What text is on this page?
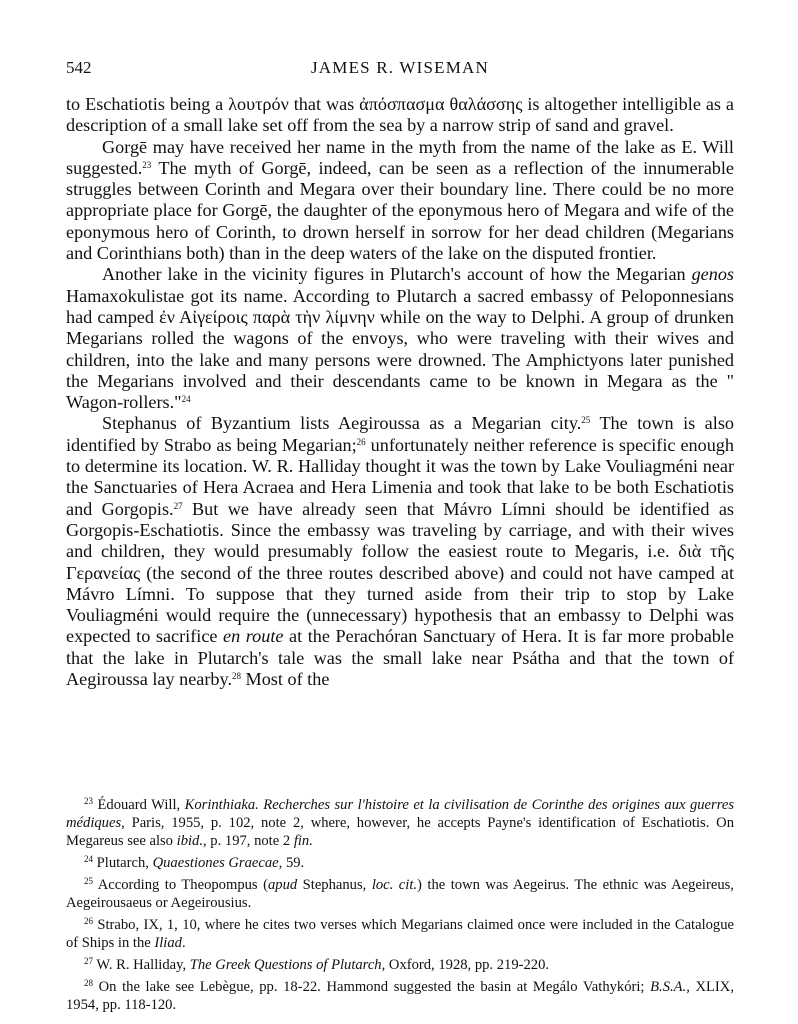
542	JAMES R. WISEMAN

to Eschatiotis being a λουτρόν that was ἀπόσπασμα θαλάσσης is altogether intelligible as a description of a small lake set off from the sea by a narrow strip of sand and gravel.

Gorgē may have received her name in the myth from the name of the lake as E. Will suggested.$^{23}$ The myth of Gorgē, indeed, can be seen as a reflection of the innumerable struggles between Corinth and Megara over their boundary line. There could be no more appropriate place for Gorgē, the daughter of the eponymous hero of Megara and wife of the eponymous hero of Corinth, to drown herself in sorrow for her dead children (Megarians and Corinthians both) than in the deep waters of the lake on the disputed frontier.

Another lake in the vicinity figures in Plutarch's account of how the Megarian genos Hamaxokulistae got its name. According to Plutarch a sacred embassy of Peloponnesians had camped ἐν Αἰγείροις παρὰ τὴν λίμνην while on the way to Delphi. A group of drunken Megarians rolled the wagons of the envoys, who were traveling with their wives and children, into the lake and many persons were drowned. The Amphictyons later punished the Megarians involved and their descendants came to be known in Megara as the " Wagon-rollers."$^{24}$

Stephanus of Byzantium lists Aegiroussa as a Megarian city.$^{25}$ The town is also identified by Strabo as being Megarian;$^{26}$ unfortunately neither reference is specific enough to determine its location. W. R. Halliday thought it was the town by Lake Vouliagméni near the Sanctuaries of Hera Acraea and Hera Limenia and took that lake to be both Eschatiotis and Gorgopis.$^{27}$ But we have already seen that Mávro Límni should be identified as Gorgopis-Eschatiotis. Since the embassy was traveling by carriage, and with their wives and children, they would presumably follow the easiest route to Megaris, i.e. διὰ τῆς Γερανείας (the second of the three routes described above) and could not have camped at Mávro Límni. To suppose that they turned aside from their trip to stop by Lake Vouliagméni would require the (unnecessary) hypothesis that an embassy to Delphi was expected to sacrifice en route at the Perachóran Sanctuary of Hera. It is far more probable that the lake in Plutarch's tale was the small lake near Psátha and that the town of Aegiroussa lay nearby.$^{28}$ Most of the

$^{23}$ Édouard Will, Korinthiaka. Recherches sur l'histoire et la civilisation de Corinthe des origines aux guerres médiques, Paris, 1955, p. 102, note 2, where, however, he accepts Payne's identification of Eschatiotis. On Megareus see also ibid., p. 197, note 2 fin.

$^{24}$ Plutarch, Quaestiones Graecae, 59.

$^{25}$ According to Theopompus (apud Stephanus, loc. cit.) the town was Aegeirus. The ethnic was Aegeireus, Aegeirousaeus or Aegeirousius.

$^{26}$ Strabo, IX, 1, 10, where he cites two verses which Megarians claimed once were included in the Catalogue of Ships in the Iliad.

$^{27}$ W. R. Halliday, The Greek Questions of Plutarch, Oxford, 1928, pp. 219-220.

$^{28}$ On the lake see Lebègue, pp. 18-22. Hammond suggested the basin at Megálo Vathykóri; B.S.A., XLIX, 1954, pp. 118-120.
